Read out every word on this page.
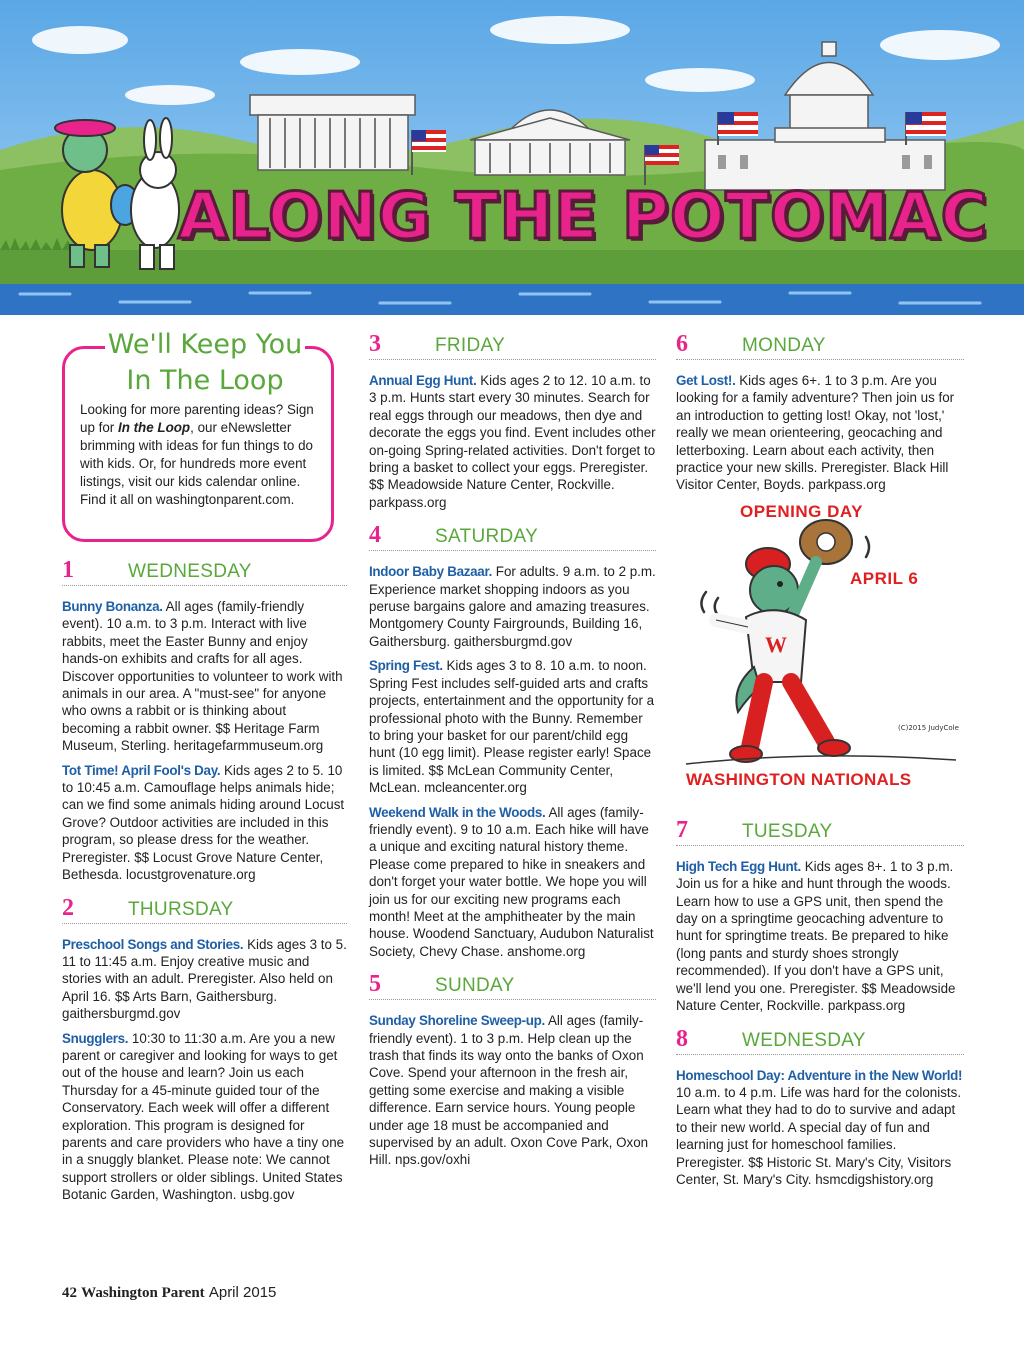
ALONG THE POTOMAC
We'll Keep You
In The Loop

Looking for more parenting ideas? Sign up for In the Loop, our eNewsletter brimming with ideas for fun things to do with kids. Or, for hundreds more event listings, visit our kids calendar online. Find it all on washingtonparent.com.

1	WEDNESDAY

Bunny Bonanza. All ages (family-friendly event). 10 a.m. to 3 p.m. Interact with live rabbits, meet the Easter Bunny and enjoy hands-on exhibits and crafts for all ages. Discover opportunities to volunteer to work with animals in our area. A "must-see" for anyone who owns a rabbit or is thinking about becoming a rabbit owner. $$ Heritage Farm Museum, Sterling. heritagefarmmuseum.org

Tot Time! April Fool's Day. Kids ages 2 to 5. 10 to 10:45 a.m. Camouflage helps animals hide; can we find some animals hiding around Locust Grove? Outdoor activities are included in this program, so please dress for the weather. Preregister. $$ Locust Grove Nature Center, Bethesda. locustgrovenature.org

2	THURSDAY

Preschool Songs and Stories. Kids ages 3 to 5. 11 to 11:45 a.m. Enjoy creative music and stories with an adult. Preregister. Also held on April 16. $$ Arts Barn, Gaithersburg. gaithersburgmd.gov

Snugglers. 10:30 to 11:30 a.m. Are you a new parent or caregiver and looking for ways to get out of the house and learn? Join us each Thursday for a 45-minute guided tour of the Conservatory. Each week will offer a different exploration. This program is designed for parents and care providers who have a tiny one in a snuggly blanket. Please note: We cannot support strollers or older siblings. United States Botanic Garden, Washington. usbg.gov

3	FRIDAY

Annual Egg Hunt. Kids ages 2 to 12. 10 a.m. to 3 p.m. Hunts start every 30 minutes. Search for real eggs through our meadows, then dye and decorate the eggs you find. Event includes other on-going Spring-related activities. Don't forget to bring a basket to collect your eggs. Preregister. $$ Meadowside Nature Center, Rockville. parkpass.org

4	SATURDAY

Indoor Baby Bazaar. For adults. 9 a.m. to 2 p.m. Experience market shopping indoors as you peruse bargains galore and amazing treasures. Montgomery County Fairgrounds, Building 16, Gaithersburg. gaithersburgmd.gov

Spring Fest. Kids ages 3 to 8. 10 a.m. to noon. Spring Fest includes self-guided arts and crafts projects, entertainment and the opportunity for a professional photo with the Bunny. Remember to bring your basket for our parent/child egg hunt (10 egg limit). Please register early! Space is limited. $$ McLean Community Center, McLean. mcleancenter.org

Weekend Walk in the Woods. All ages (family-friendly event). 9 to 10 a.m. Each hike will have a unique and exciting natural history theme. Please come prepared to hike in sneakers and don't forget your water bottle. We hope you will join us for our exciting new programs each month! Meet at the amphitheater by the main house. Woodend Sanctuary, Audubon Naturalist Society, Chevy Chase. anshome.org

5	SUNDAY

Sunday Shoreline Sweep-up. All ages (family-friendly event). 1 to 3 p.m. Help clean up the trash that finds its way onto the banks of Oxon Cove. Spend your afternoon in the fresh air, getting some exercise and making a visible difference. Earn service hours. Young people under age 18 must be accompanied and supervised by an adult. Oxon Cove Park, Oxon Hill. nps.gov/oxhi

6	MONDAY

Get Lost!. Kids ages 6+. 1 to 3 p.m. Are you looking for a family adventure? Then join us for an introduction to getting lost! Okay, not 'lost,' really we mean orienteering, geocaching and letterboxing. Learn about each activity, then practice your new skills. Preregister. Black Hill Visitor Center, Boyds. parkpass.org

W
(C)2015 JudyCole
OPENING DAY
APRIL 6
WASHINGTON NATIONALS
7	TUESDAY

High Tech Egg Hunt. Kids ages 8+. 1 to 3 p.m. Join us for a hike and hunt through the woods. Learn how to use a GPS unit, then spend the day on a springtime geocaching adventure to hunt for springtime treats. Be prepared to hike (long pants and sturdy shoes strongly recommended). If you don't have a GPS unit, we'll lend you one. Preregister. $$ Meadowside Nature Center, Rockville. parkpass.org

8	WEDNESDAY

Homeschool Day: Adventure in the New World! 10 a.m. to 4 p.m. Life was hard for the colonists. Learn what they had to do to survive and adapt to their new world. A special day of fun and learning just for homeschool families. Preregister. $$ Historic St. Mary's City, Visitors Center, St. Mary's City. hsmcdigshistory.org

42 Washington Parent April 2015
